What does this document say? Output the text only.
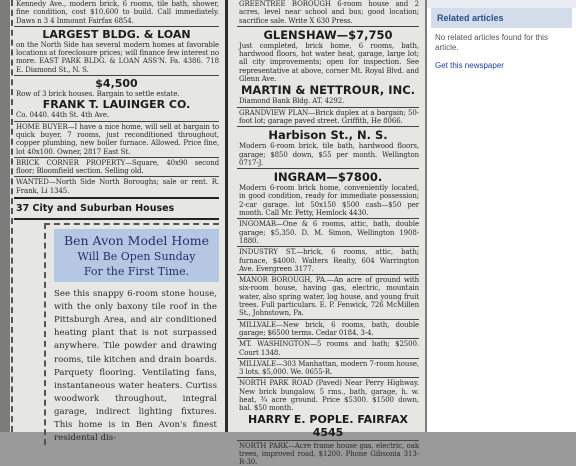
Kennedy Ave., modern brick, 6 rooms, tile bath, shower, fine condition, cost $10,600 to build. Call immediately. Daws n 3 4 Inmount Fairfax 6854.
LARGEST BLDG. & LOAN
on the North Side has several modern homes at favorable locations at foreclosure prices; will finance few interest no more. EAST PARK BLDG. & LOAN ASS'N. Fa. 4386. 718 E. Diamond St., N. S.
$4,500
Row of 3 brick houses. Bargain to settle estate.
FRANK T. LAUINGER CO.
Co. 0440. 44th St. 4th Ave.
HOME BUYER—I have a nice home, will sell at bargain to quick buyer, 7 rooms, just reconditioned throughout, copper plumbing, new boiler furnace. Allowed. Price fine, lot 40x100. Owner, 2817 East St.
BRICK CORNER PROPERTY—Square, 40x90 second floor; Bloomfield section. Selling old.
WANTED—North Side North Boroughs; sale or rent. R. Frank, Li 1345.
37 City and Suburban Houses
Ben Avon Model Home
Will Be Open Sunday
For the First Time.
See this snappy 6-room stone house, with the only baxony tile roof in the Pittsburgh Area, and air conditioned heating plant that is not surpassed anywhere. Tile powder and drawing rooms, tile kitchen and drain boards. Parquety flooring. Ventilating fans, instantaneous water heaters. Curtiss woodwork throughout, integral garage, indirect lighting fixtures. This home is in Ben Avon's finest residental dis-
GREENTREE BOROUGH 6-room house and 2 acres, level near school and bus; good location; sacrifice sale. Write X 630 Press.
GLENSHAW—$7,750
Just completed, brick home, 6 rooms, bath, hardwood floors, hot water heat, garage, large lot; all city improvements; open for inspection. See representative at above, corner Mt. Royal Blvd. and Glenn Ave.
MARTIN & NETTROUR, INC.
Diamond Bank Bldg. AT. 4292.
GRANDVIEW PLAN—Brick duplex at a bargain; 50-foot lot; garage paved street. Griffith, He 8066.
Harbison St., N. S.
Modern 6-room brick, tile bath, hardwood floors, garage; $850 down, $55 per month. Wellington 0717-J.
INGRAM—$7800.
Modern 6-room brick home, conveniently located, in good condition, ready for immediate possession; 2-car garage. lot 50x150 $500 cash—$50 per month. Call Mr. Petty, Hemlock 4430.
INGOMAR—One & 6 rooms, attic, bath, double garage; $5,350. D. M. Simon, Wellington 1908-1880.
INDUSTRY ST.—brick, 6 rooms, attic, bath; furnace, $4000. Walters Realty, 604 Warrington Ave. Evergreen 3177.
MANOR BOROUGH, PA.—An acre of ground with six-room house, having gas, electric, mountain water, also spring water, log house, and young fruit trees. Full particulars. E. P. Fenwick, 726 McMillen St., Johnstown, Pa.
MILLVALE—New brick, 6 rooms, bath, double garage; $6500 terms. Cedar 0184, 3-4.
MT. WASHINGTON—5 rooms and bath; $2500. Court 1348.
MILLVALE—303 Manhattan, modern 7-room house, 3 lots. $5,000. We. 0655-R.
NORTH PARK ROAD (Paved) Near Perry Highway. New brick bungalow, 5 rms., bath, garage, h. w. heat, ¾ acre ground. Price $5300. $1500 down, bal. $50 month.
HARRY E. POPLE. FAIRFAX 4545
NORTH PARK—Acre frame house gas, electric, oak trees, improved road, $1200. Phone Gibsonia 313-R-30.
Related articles
No related articles found for this article.
Get this newspaper
